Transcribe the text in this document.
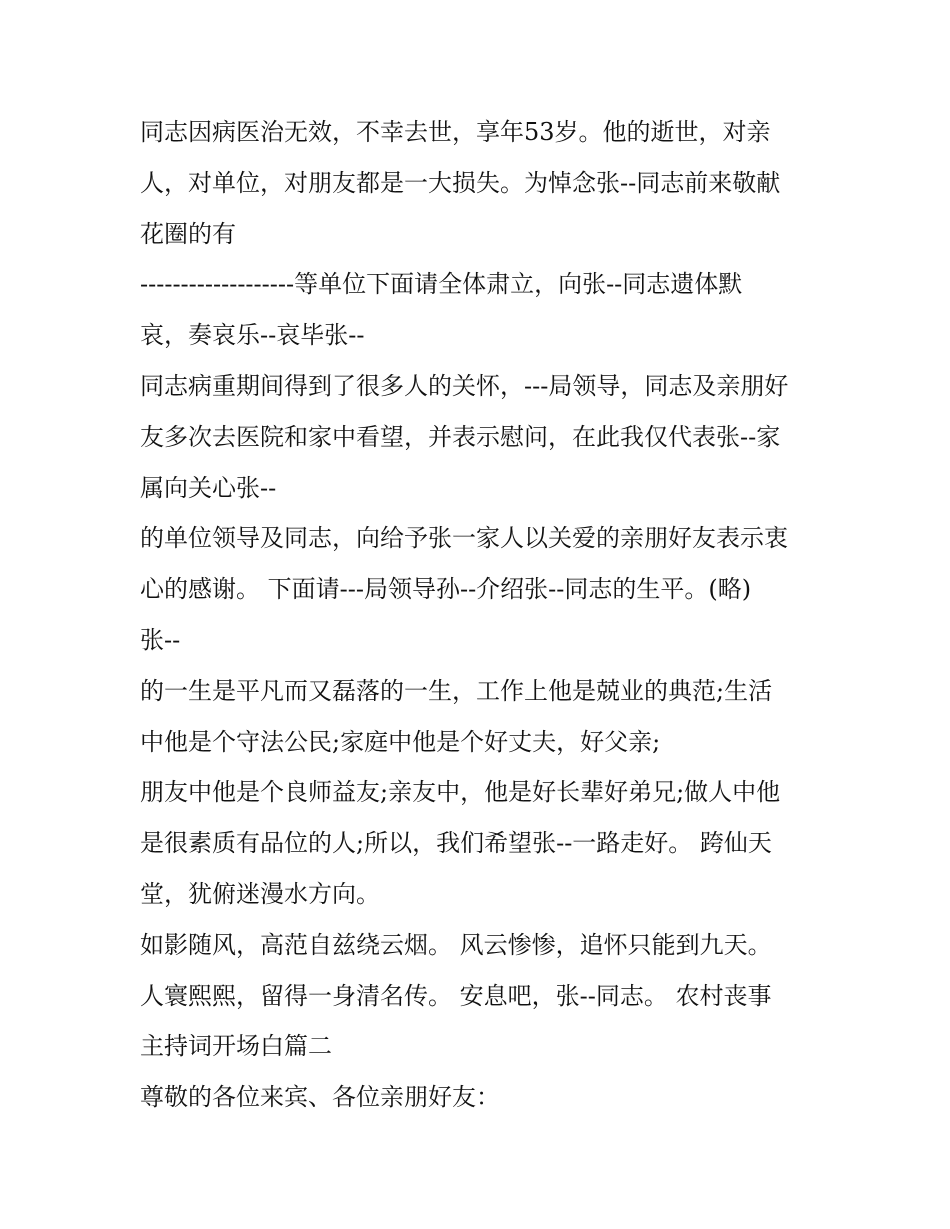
同志因病医治无效，不幸去世，享年53岁。他的逝世，对亲
人，对单位，对朋友都是一大损失。为悼念张--同志前来敬献
花圈的有
-------------------等单位下面请全体肃立，向张--同志遗体默
哀，奏哀乐--哀毕张--
同志病重期间得到了很多人的关怀，---局领导，同志及亲朋好
友多次去医院和家中看望，并表示慰问，在此我仅代表张--家
属向关心张--
的单位领导及同志，向给予张一家人以关爱的亲朋好友表示衷
心的感谢。 下面请---局领导孙--介绍张--同志的生平。(略)
张--
的一生是平凡而又磊落的一生，工作上他是兢业的典范;生活
中他是个守法公民;家庭中他是个好丈夫，好父亲;
朋友中他是个良师益友;亲友中，他是好长辈好弟兄;做人中他
是很素质有品位的人;所以，我们希望张--一路走好。 跨仙天
堂，犹俯迷漫水方向。
如影随风，高范自兹绕云烟。 风云惨惨，追怀只能到九天。
人寰熙熙，留得一身清名传。 安息吧，张--同志。 农村丧事
主持词开场白篇二
尊敬的各位来宾、各位亲朋好友：
